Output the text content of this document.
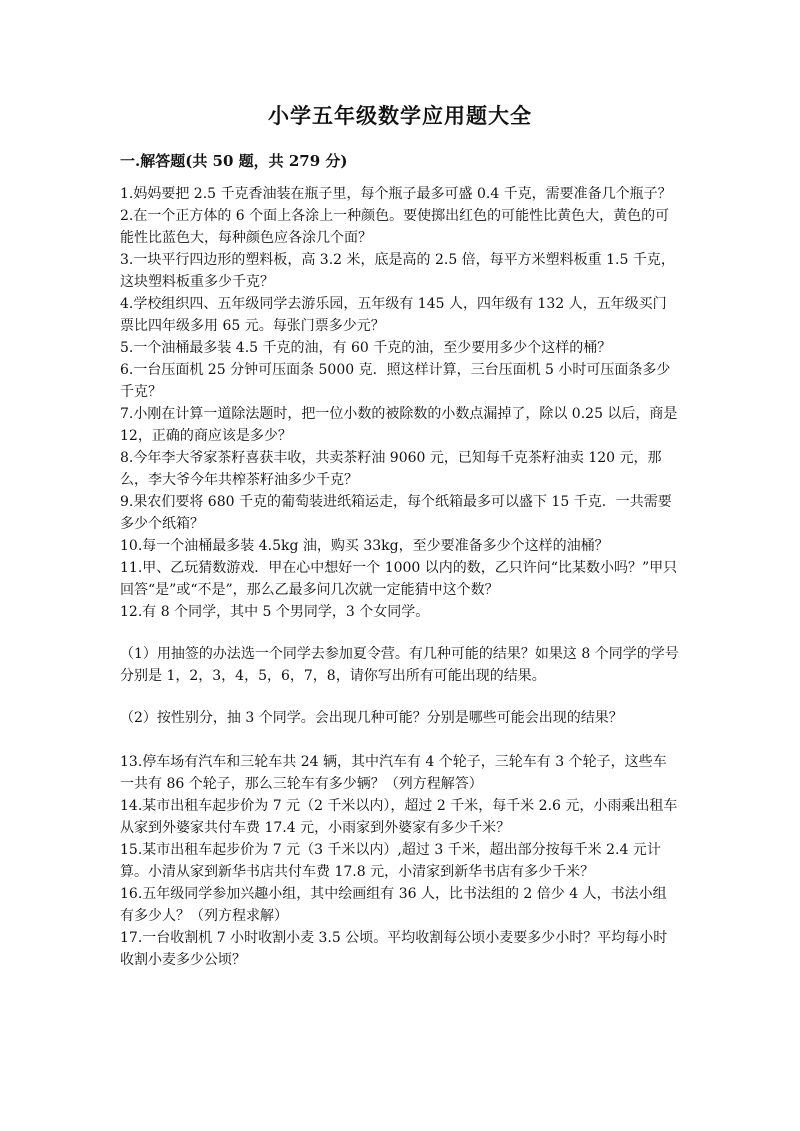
小学五年级数学应用题大全
一.解答题(共 50 题，共 279 分)

1.妈妈要把 2.5 千克香油装在瓶子里，每个瓶子最多可盛 0.4 千克，需要准备几个瓶子？

2.在一个正方体的 6 个面上各涂上一种颜色。要使掷出红色的可能性比黄色大，黄色的可能性比蓝色大，每种颜色应各涂几个面？

3.一块平行四边形的塑料板，高 3.2 米，底是高的 2.5 倍，每平方米塑料板重 1.5 千克，这块塑料板重多少千克？

4.学校组织四、五年级同学去游乐园，五年级有 145 人，四年级有 132 人，五年级买门票比四年级多用 65 元。每张门票多少元？

5.一个油桶最多装 4.5 千克的油，有 60 千克的油，至少要用多少个这样的桶？

6.一台压面机 25 分钟可压面条 5000 克．照这样计算，三台压面机 5 小时可压面条多少千克？

7.小刚在计算一道除法题时，把一位小数的被除数的小数点漏掉了，除以 0.25 以后，商是 12，正确的商应该是多少？

8.今年李大爷家茶籽喜获丰收，共卖茶籽油 9060 元，已知每千克茶籽油卖 120 元，那么，李大爷今年共榨茶籽油多少千克？

9.果农们要将 680 千克的葡萄装进纸箱运走，每个纸箱最多可以盛下 15 千克．一共需要多少个纸箱？

10.每一个油桶最多装 4.5kg 油，购买 33kg，至少要准备多少个这样的油桶？

11.甲、乙玩猜数游戏．甲在心中想好一个 1000 以内的数，乙只许问“比某数小吗？”甲只回答“是”或“不是”，那么乙最多问几次就一定能猜中这个数？

12.有 8 个同学，其中 5 个男同学，3 个女同学。

（1）用抽签的办法选一个同学去参加夏令营。有几种可能的结果？如果这 8 个同学的学号分别是 1，2，3，4，5，6，7，8，请你写出所有可能出现的结果。

（2）按性别分，抽 3 个同学。会出现几种可能？分别是哪些可能会出现的结果？

13.停车场有汽车和三轮车共 24 辆，其中汽车有 4 个轮子，三轮车有 3 个轮子，这些车一共有 86 个轮子，那么三轮车有多少辆？（列方程解答）

14.某市出租车起步价为 7 元（2 千米以内），超过 2 千米，每千米 2.6 元，小雨乘出租车从家到外婆家共付车费 17.4 元，小雨家到外婆家有多少千米？

15.某市出租车起步价为 7 元（3 千米以内）,超过 3 千米，超出部分按每千米 2.4 元计算。小清从家到新华书店共付车费 17.8 元，小清家到新华书店有多少千米？

16.五年级同学参加兴趣小组，其中绘画组有 36 人，比书法组的 2 倍少 4 人，书法小组有多少人？（列方程求解）

17.一台收割机 7 小时收割小麦 3.5 公顷。平均收割每公顷小麦要多少小时？平均每小时收割小麦多少公顷？
